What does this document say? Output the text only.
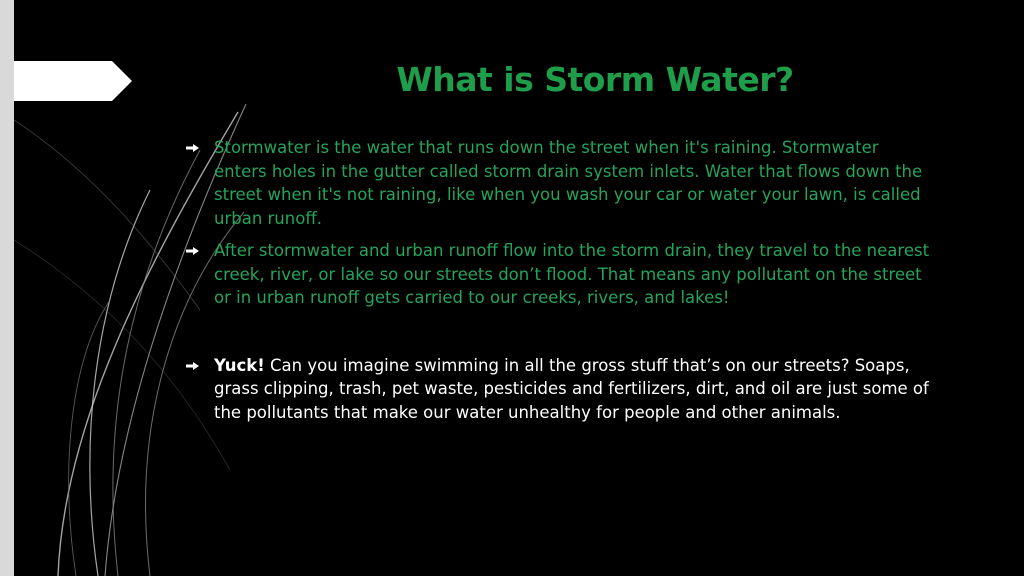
What is Storm Water?
Stormwater is the water that runs down the street when it's raining. Stormwater enters holes in the gutter called storm drain system inlets. Water that flows down the street when it's not raining, like when you wash your car or water your lawn, is called urban runoff.
After stormwater and urban runoff flow into the storm drain, they travel to the nearest creek, river, or lake so our streets don’t flood. That means any pollutant on the street or in urban runoff gets carried to our creeks, rivers, and lakes!
Yuck! Can you imagine swimming in all the gross stuff that’s on our streets? Soaps, grass clipping, trash, pet waste, pesticides and fertilizers, dirt, and oil are just some of the pollutants that make our water unhealthy for people and other animals.
